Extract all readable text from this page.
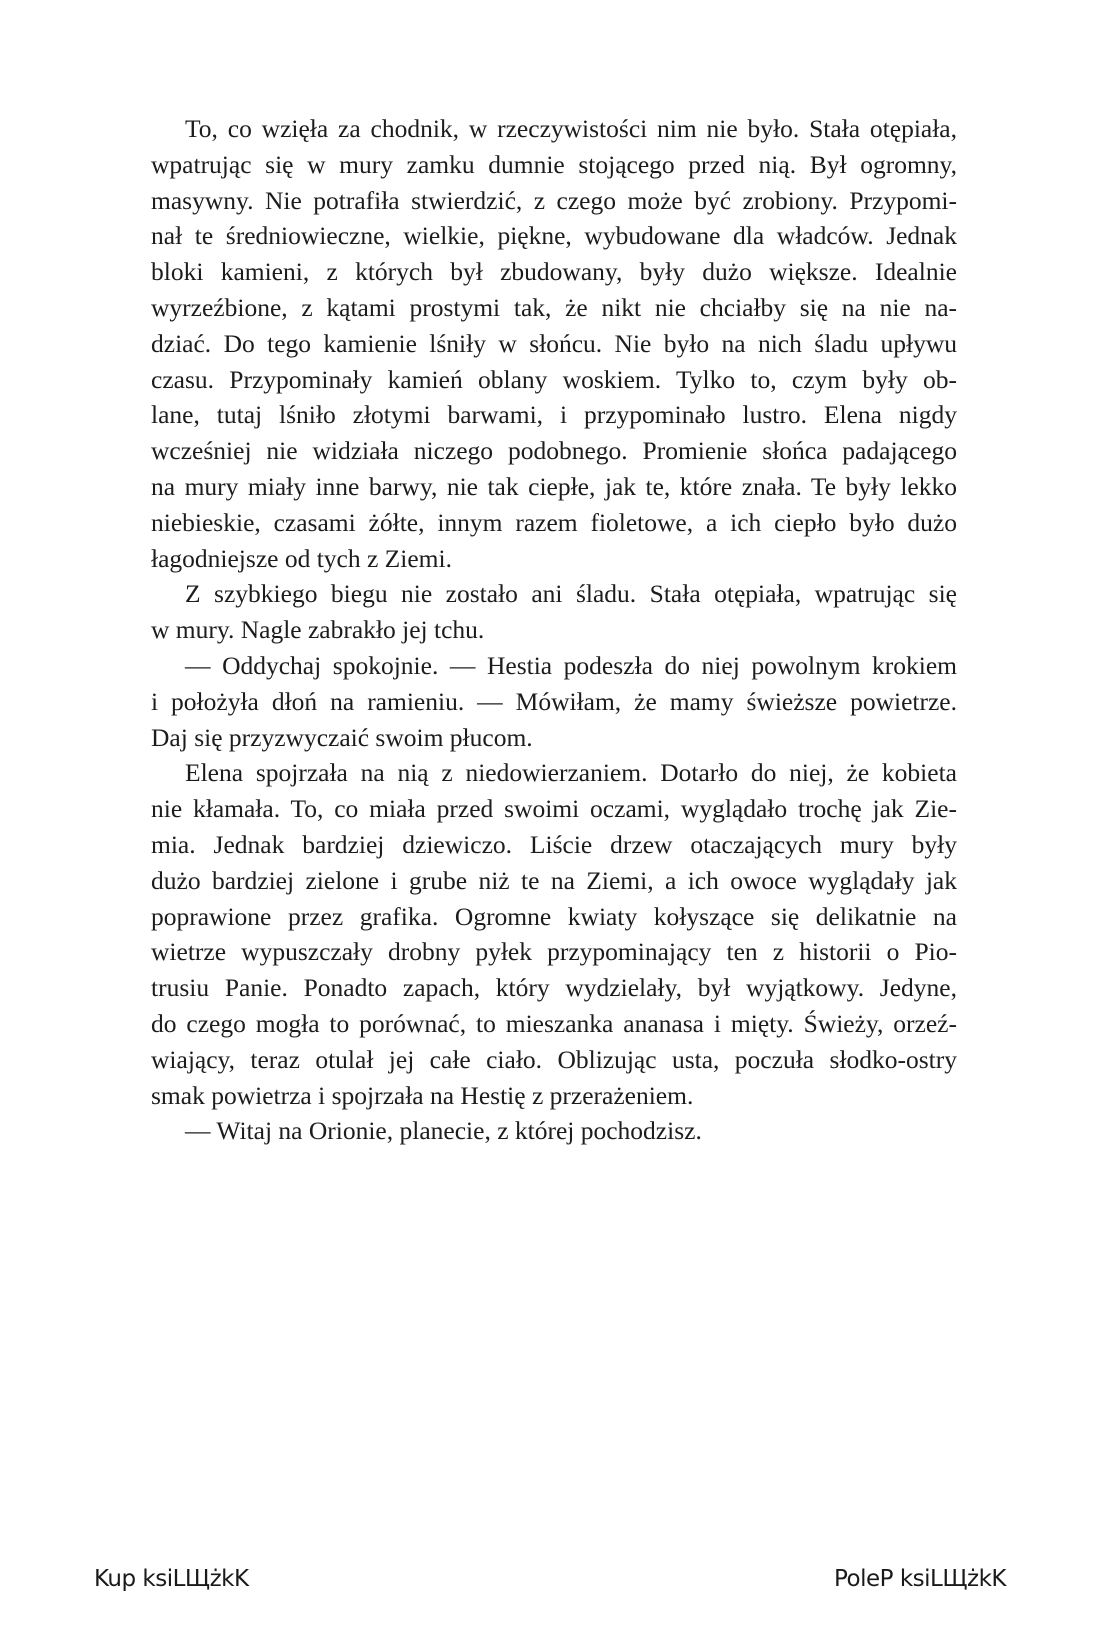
To, co wzięła za chodnik, w rzeczywistości nim nie było. Stała otępiała,
wpatrując się w mury zamku dumnie stojącego przed nią. Był ogromny,
masywny. Nie potrafiła stwierdzić, z czego może być zrobiony. Przypomi-
nał te średniowieczne, wielkie, piękne, wybudowane dla władców. Jednak
bloki kamieni, z których był zbudowany, były dużo większe. Idealnie
wyrzeźbione, z kątami prostymi tak, że nikt nie chciałby się na nie na-
dziać. Do tego kamienie lśniły w słońcu. Nie było na nich śladu upływu
czasu. Przypominały kamień oblany woskiem. Tylko to, czym były ob-
lane, tutaj lśniło złotymi barwami, i przypominało lustro. Elena nigdy
wcześniej nie widziała niczego podobnego. Promienie słońca padającego
na mury miały inne barwy, nie tak ciepłe, jak te, które znała. Te były lekko
niebieskie, czasami żółte, innym razem fioletowe, a ich ciepło było dużo
łagodniejsze od tych z Ziemi.
Z szybkiego biegu nie zostało ani śladu. Stała otępiała, wpatrując się
w mury. Nagle zabrakło jej tchu.
— Oddychaj spokojnie. — Hestia podeszła do niej powolnym krokiem
i położyła dłoń na ramieniu. — Mówiłam, że mamy świeższe powietrze.
Daj się przyzwyczaić swoim płucom.
Elena spojrzała na nią z niedowierzaniem. Dotarło do niej, że kobieta
nie kłamała. To, co miała przed swoimi oczami, wyglądało trochę jak Zie-
mia. Jednak bardziej dziewiczo. Liście drzew otaczających mury były
dużo bardziej zielone i grube niż te na Ziemi, a ich owoce wyglądały jak
poprawione przez grafika. Ogromne kwiaty kołyszące się delikatnie na
wietrze wypuszczały drobny pyłek przypominający ten z historii o Pio-
trusiu Panie. Ponadto zapach, który wydzielały, był wyjątkowy. Jedyne,
do czego mogła to porównać, to mieszanka ananasa i mięty. Świeży, orzeź-
wiający, teraz otulał jej całe ciało. Oblizując usta, poczuła słodko-ostry
smak powietrza i spojrzała na Hestię z przerażeniem.
— Witaj na Orionie, planecie, z której pochodzisz.
Kup ksiLЩżkK	PoleP ksiLЩżkK
